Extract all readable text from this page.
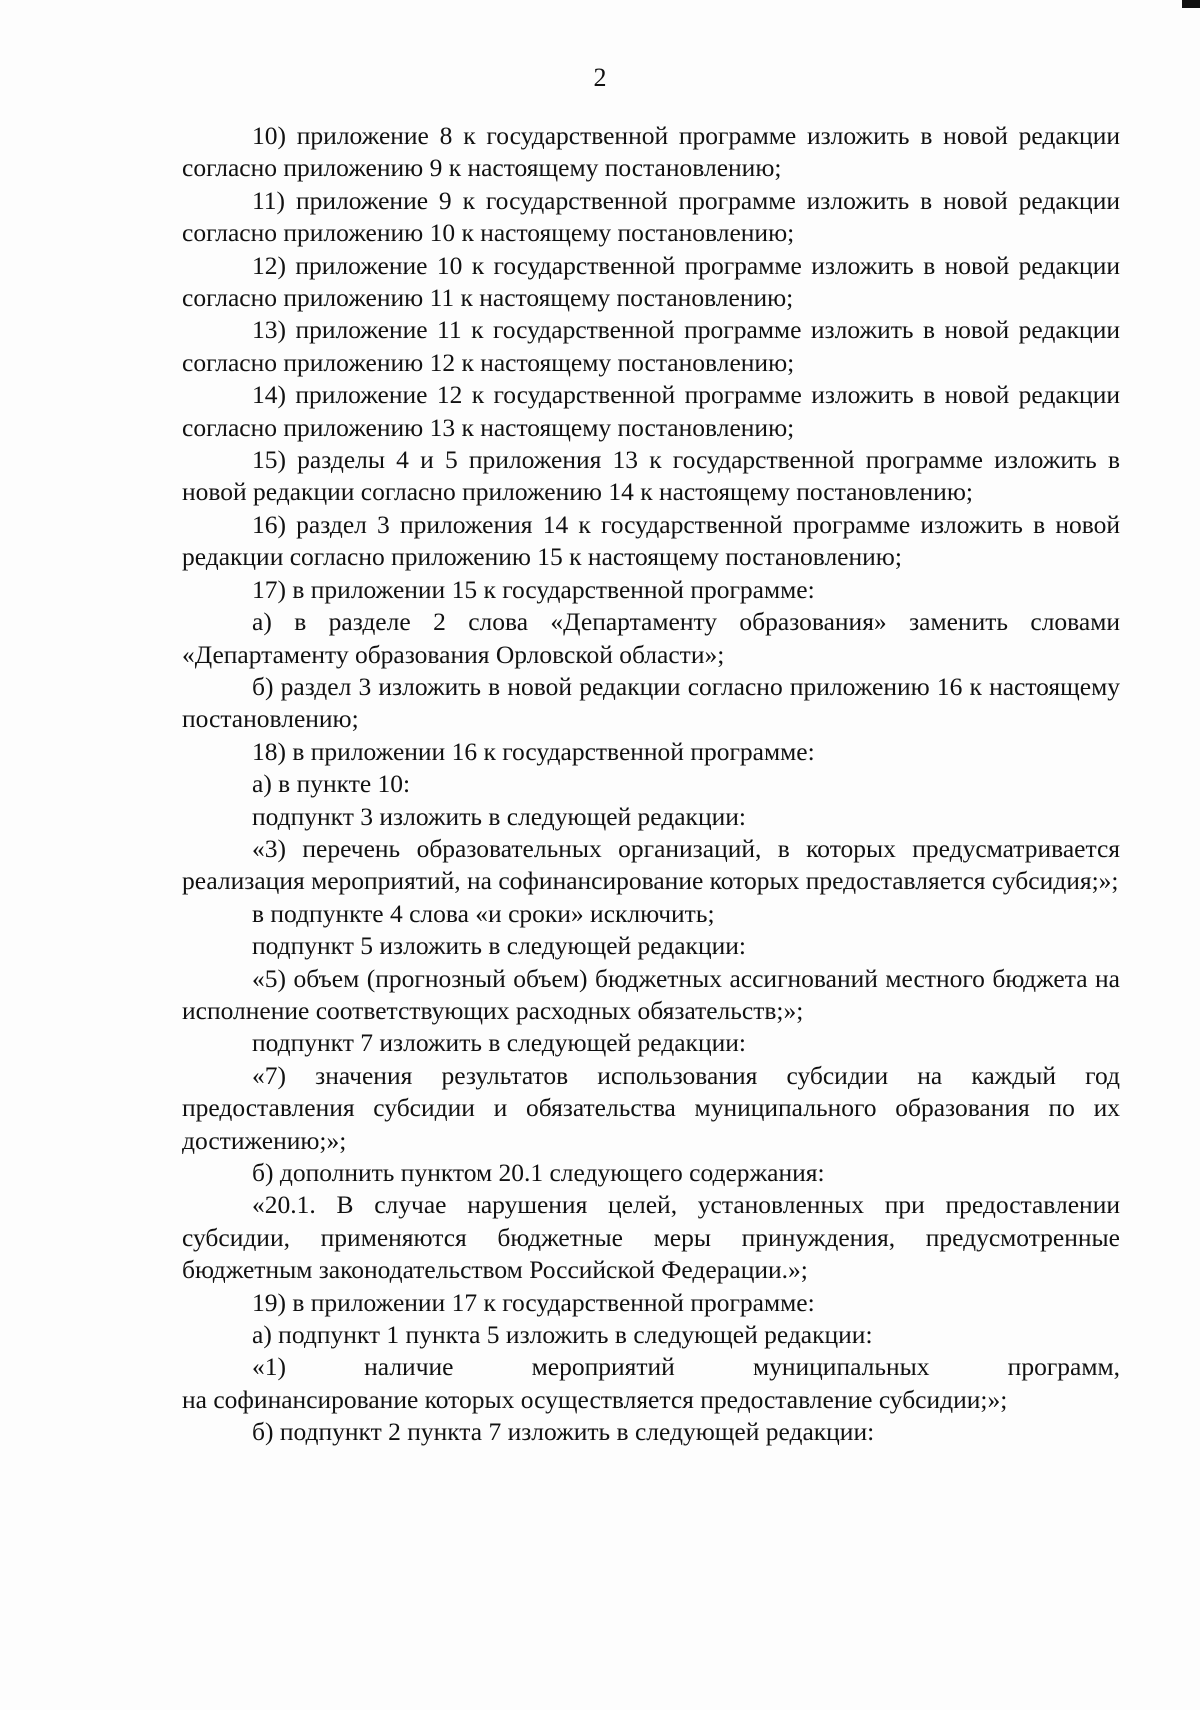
2

10) приложение 8 к государственной программе изложить в новой редакции согласно приложению 9 к настоящему постановлению;

11) приложение 9 к государственной программе изложить в новой редакции согласно приложению 10 к настоящему постановлению;

12) приложение 10 к государственной программе изложить в новой редакции согласно приложению 11 к настоящему постановлению;

13) приложение 11 к государственной программе изложить в новой редакции согласно приложению 12 к настоящему постановлению;

14) приложение 12 к государственной программе изложить в новой редакции согласно приложению 13 к настоящему постановлению;

15) разделы 4 и 5 приложения 13 к государственной программе изложить в новой редакции согласно приложению 14 к настоящему постановлению;

16) раздел 3 приложения 14 к государственной программе изложить в новой редакции согласно приложению 15 к настоящему постановлению;

17) в приложении 15 к государственной программе:

а) в разделе 2 слова «Департаменту образования» заменить словами «Департаменту образования Орловской области»;

б) раздел 3 изложить в новой редакции согласно приложению 16 к настоящему постановлению;

18) в приложении 16 к государственной программе:

а) в пункте 10:

подпункт 3 изложить в следующей редакции:

«3) перечень образовательных организаций, в которых предусматривается реализация мероприятий, на софинансирование которых предоставляется субсидия;»;

в подпункте 4 слова «и сроки» исключить;

подпункт 5 изложить в следующей редакции:

«5) объем (прогнозный объем) бюджетных ассигнований местного бюджета на исполнение соответствующих расходных обязательств;»;

подпункт 7 изложить в следующей редакции:

«7) значения результатов использования субсидии на каждый год предоставления субсидии и обязательства муниципального образования по их достижению;»;

б) дополнить пунктом 20.1 следующего содержания:

«20.1. В случае нарушения целей, установленных при предоставлении субсидии, применяются бюджетные меры принуждения, предусмотренные бюджетным законодательством Российской Федерации.»;

19) в приложении 17 к государственной программе:

а) подпункт 1 пункта 5 изложить в следующей редакции:

«1) наличие мероприятий муниципальных программ,

на софинансирование которых осуществляется предоставление субсидии;»;

б) подпункт 2 пункта 7 изложить в следующей редакции:
